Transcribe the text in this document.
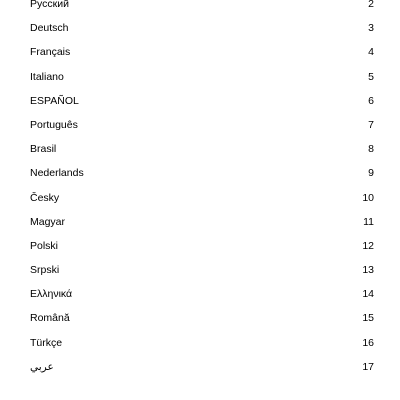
Русский	2
Deutsch	3
Français	4
Italiano	5
ESPAÑOL	6
Português	7
Brasil	8
Nederlands	9
Česky	10
Magyar	11
Polski	12
Srpski	13
Ελληνικά	14
Română	15
Türkçe	16
عربي	17
